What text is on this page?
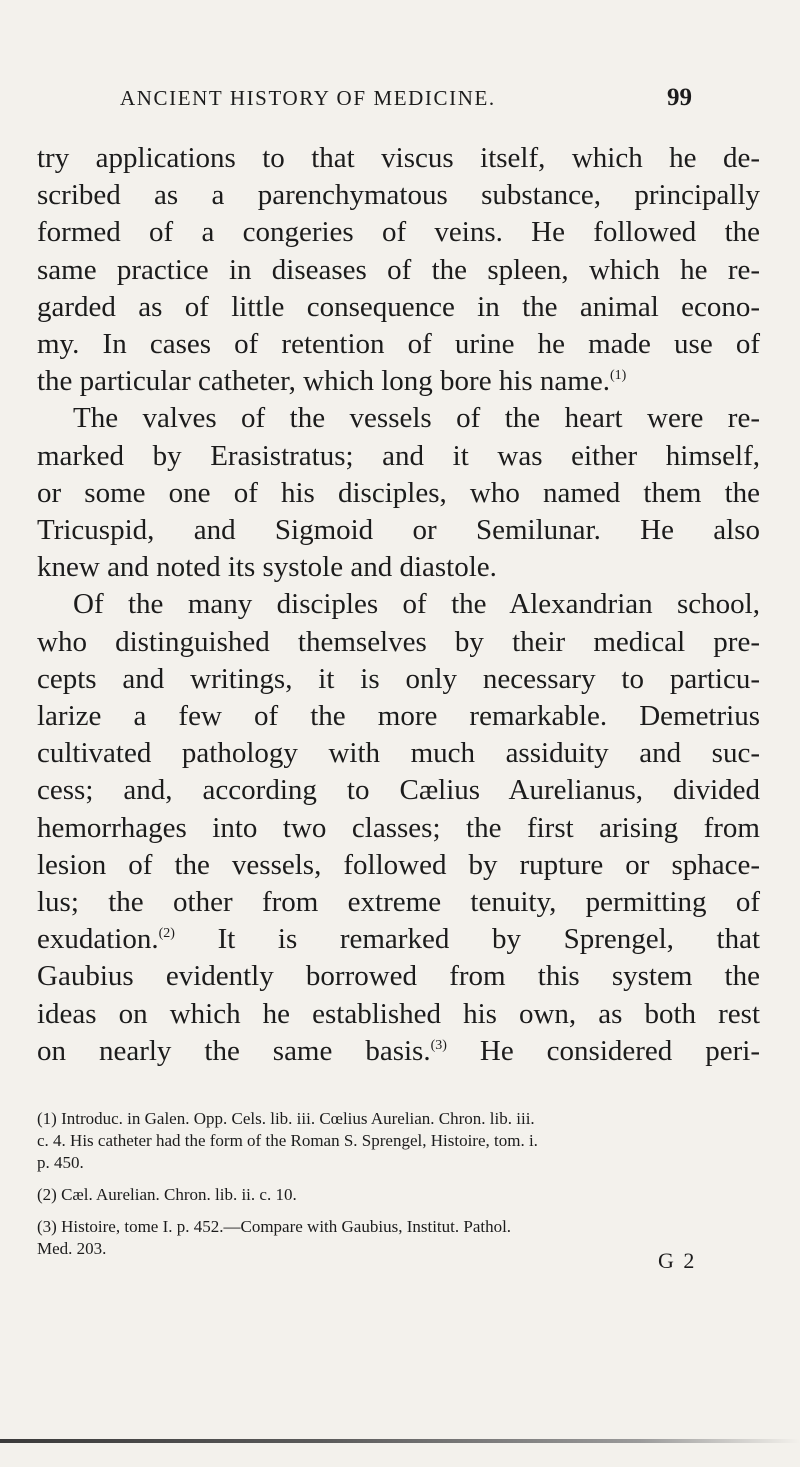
ANCIENT HISTORY OF MEDICINE.	99
try applications to that viscus itself, which he de-
scribed as a parenchymatous substance, principally
formed of a congeries of veins. He followed the
same practice in diseases of the spleen, which he re-
garded as of little consequence in the animal econo-
my. In cases of retention of urine he made use of
the particular catheter, which long bore his name.$^{(1)}$
The valves of the vessels of the heart were re-
marked by Erasistratus; and it was either himself,
or some one of his disciples, who named them the
Tricuspid, and Sigmoid or Semilunar. He also
knew and noted its systole and diastole.
Of the many disciples of the Alexandrian school,
who distinguished themselves by their medical pre-
cepts and writings, it is only necessary to particu-
larize a few of the more remarkable. Demetrius
cultivated pathology with much assiduity and suc-
cess; and, according to Cælius Aurelianus, divided
hemorrhages into two classes; the first arising from
lesion of the vessels, followed by rupture or sphace-
lus; the other from extreme tenuity, permitting of
exudation.$^{(2)}$ It is remarked by Sprengel, that
Gaubius evidently borrowed from this system the
ideas on which he established his own, as both rest
on nearly the same basis.$^{(3)}$ He considered peri-
(1) Introduc. in Galen. Opp. Cels. lib. iii. Cœlius Aurelian. Chron. lib. iii.
c. 4. His catheter had the form of the Roman S. Sprengel, Histoire, tom. i.
p. 450.
(2) Cæl. Aurelian. Chron. lib. ii. c. 10.
(3) Histoire, tome I. p. 452.—Compare with Gaubius, Institut. Pathol.
Med. 203.	G 2
